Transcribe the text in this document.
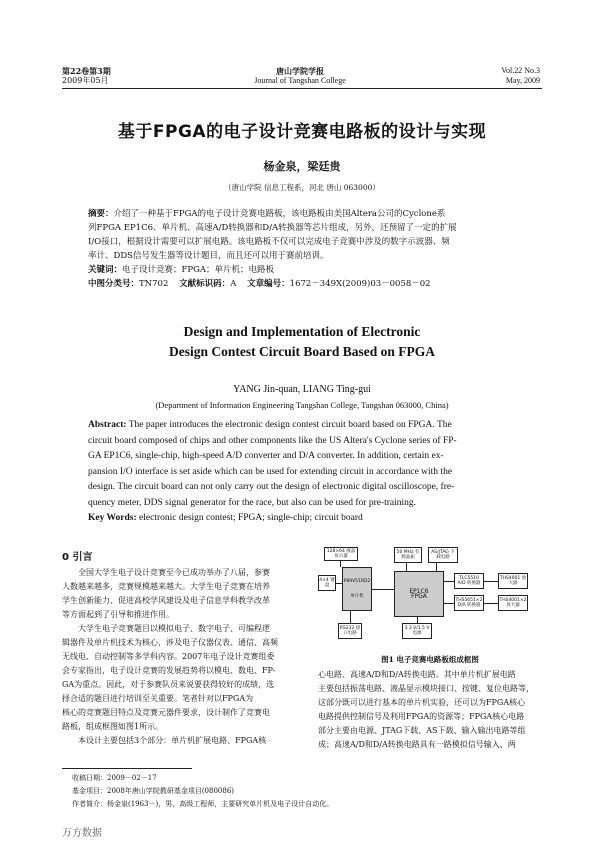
第22卷第3期
2009年05月
唐山学院学报
Journal of Tangshan College
Vol.22 No.3
May, 2009
基于FPGA的电子设计竞赛电路板的设计与实现
杨金泉，梁廷贵
（唐山学院 信息工程系，河北 唐山 063000）
摘要：介绍了一种基于FPGA的电子设计竞赛电路板，该电路板由美国Altera公司的Cyclone系
列FPGA EP1C6、单片机、高速A/D转换器和D/A转换器等芯片组成，另外，还预留了一定的扩展
I/O接口，根据设计需要可以扩展电路。该电路板不仅可以完成电子竞赛中涉及的数字示波器、频
率计、DDS信号发生器等设计题目，而且还可以用于赛前培训。
关键词：电子设计竞赛；FPGA；单片机；电路板
中图分类号：TN702 文献标识码：A 文章编号：1672－349X(2009)03－0058－02
Design and Implementation of Electronic
Design Contest Circuit Board Based on FPGA
YANG Jin-quan, LIANG Ting-gui
(Department of Information Engineering Tangshan College, Tangshan 063000, China)
Abstract: The paper introduces the electronic design contest circuit board based on FPGA. The
circuit board composed of chips and other components like the US Altera's Cyclone series of FP-
GA EP1C6, single-chip, high-speed A/D converter and D/A converter. In addition, certain ex-
pansion I/O interface is set aside which can be used for extending circuit in accordance with the
design. The circuit board can not only carry out the design of electronic digital oscilloscope, fre-
quency meter, DDS signal generator for the race, but also can be used for pre-training.
Key Words: electronic design contest; FPGA; single-chip; circuit board
0 引言
全国大学生电子设计竞赛至今已成功举办了八届，参赛
人数越来越多，竞赛规模越来越大。大学生电子竞赛在培养
学生创新能力、促进高校学风建设及电子信息学科教学改革
等方面起到了引导和推进作用。
大学生电子竞赛题目以模拟电子、数字电子、可编程逻
辑器件及单片机技术为核心，涉及电子仪器仪表、通信、高频
无线电、自动控制等多学科内容。2007年电子设计竞赛组委
会专家指出，电子设计竞赛的发展趋势将以模电、数电、FP-
GA为重点。因此，对于参赛队员来说要获得较好的成绩，选
择合适的题目进行培训至关重要。笔者针对以FPGA为
核心的竞赛题目特点及竞赛元器件要求，设计制作了竞赛电
路板，组成框图如图1所示。
本设计主要包括3个部分：单片机扩展电路、FPGA核
128×64 液晶显示器
4×4 键盘
P89V51RD2
单片机
50 MHz 有源晶振
AS/JTAG 下载电路
EP1C6
FPGA
TLC5510 A/D 转换器
THS4001 放大器
THS5651×2 D/A 转换器
THS4001×2 放大器
RS232 接口电路
3.3 V/1.5 V 电源
图1 电子竞赛电路板组成框图
心电路、高速A/D和D/A转换电路。其中单片机扩展电路
主要包括振荡电路、液晶显示模块接口、按键、复位电路等，
这部分既可以进行基本的单片机实验，还可以为FPGA核心
电路提供控制信号及利用FPGA的资源等；FPGA核心电路
部分主要由电源、JTAG下载、AS下载、输入输出电路等组
成；高速A/D和D/A转换电路具有一路模拟信号输入、两
收稿日期：2009－02－17
基金项目：2008年唐山学院教研基金项目(080086)
作者简介：杨金泉(1963－)，男，高级工程师，主要研究单片机及电子设计自动化。
万方数据
